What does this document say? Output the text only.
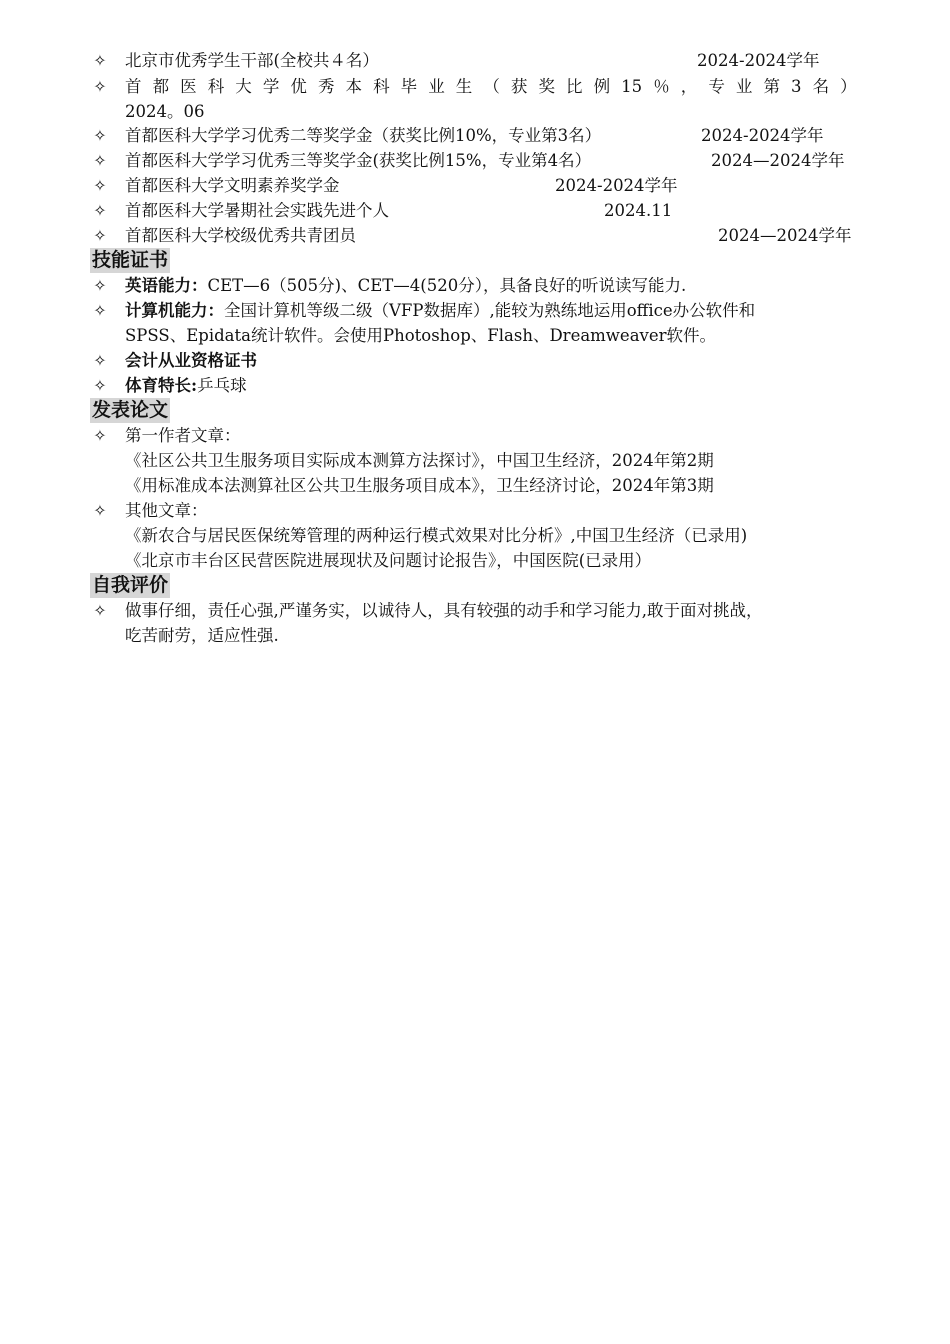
✧ 北京市优秀学生干部(全校共４名）	2024-2024学年
✧ 首 都 医 科 大 学 优 秀 本 科 毕 业 生 （ 获 奖 比 例 15 ％ ， 专 业 第 3 名 ）
2024。06
✧ 首都医科大学学习优秀二等奖学金（获奖比例10%，专业第3名）	2024-2024学年
✧ 首都医科大学学习优秀三等奖学金(获奖比例15%，专业第4名）	2024—2024学年
✧ 首都医科大学文明素养奖学金	2024-2024学年
✧ 首都医科大学暑期社会实践先进个人	2024.11
✧ 首都医科大学校级优秀共青团员	2024—2024学年
技能证书
✧ 英语能力：CET—6（505分)、CET—4(520分），具备良好的听说读写能力.
✧ 计算机能力：全国计算机等级二级（VFP数据库）,能较为熟练地运用office办公软件和
SPSS、Epidata统计软件。会使用Photoshop、Flash、Dreamweaver软件。
✧ 会计从业资格证书
✧ 体育特长:乒乓球
发表论文
✧ 第一作者文章：
《社区公共卫生服务项目实际成本测算方法探讨》，中国卫生经济，2024年第2期
《用标准成本法测算社区公共卫生服务项目成本》，卫生经济讨论，2024年第3期
✧ 其他文章：
《新农合与居民医保统筹管理的两种运行模式效果对比分析》,中国卫生经济（已录用)
《北京市丰台区民营医院进展现状及问题讨论报告》，中国医院(已录用）
自我评价
✧ 做事仔细，责任心强,严谨务实，以诚待人，具有较强的动手和学习能力,敢于面对挑战，
吃苦耐劳，适应性强.
